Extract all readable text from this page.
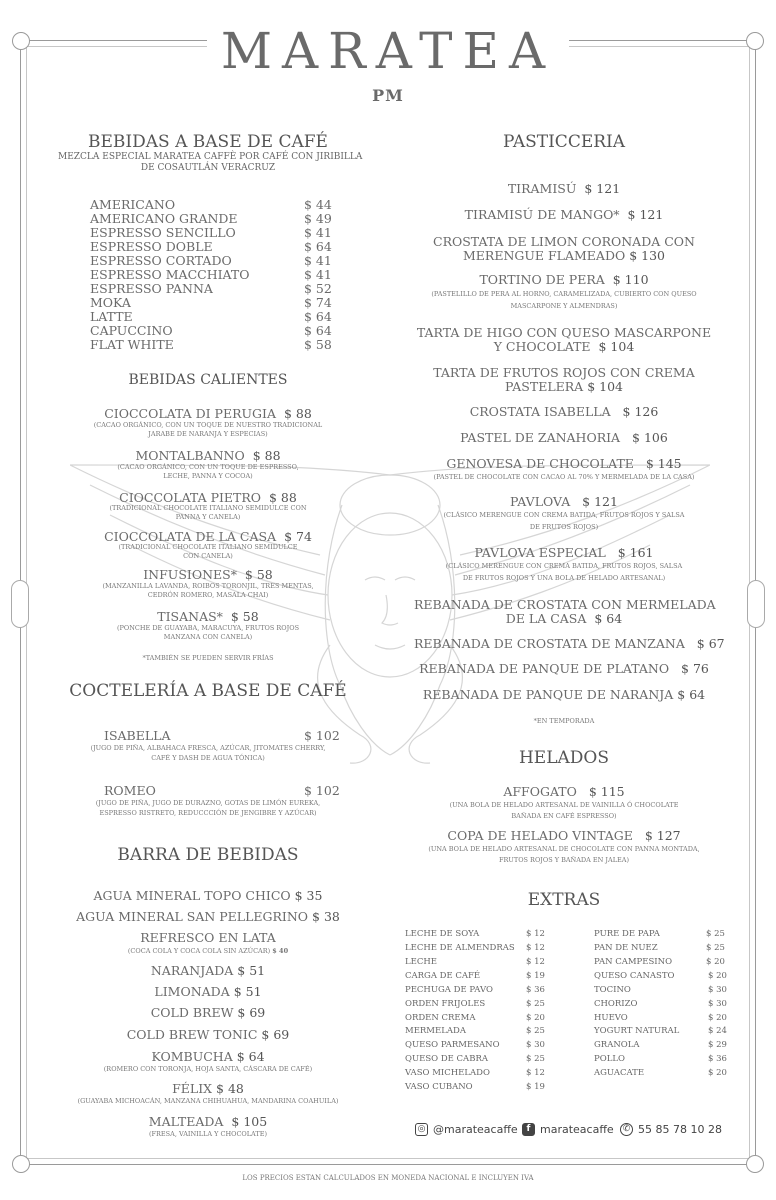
MARATEA
PM
BEBIDAS A BASE DE CAFÉ
MEZCLA ESPECIAL MARATEA CAFFÈ POR CAFÉ CON JIRIBILLA
DE COSAUTLÁN VERACRUZ
AMERICANO	$ 44
AMERICANO GRANDE	$ 49
ESPRESSO SENCILLO	$ 41
ESPRESSO DOBLE	$ 64
ESPRESSO CORTADO	$ 41
ESPRESSO MACCHIATO	$ 41
ESPRESSO PANNA	$ 52
MOKA	$ 74
LATTE	$ 64
CAPUCCINO	$ 64
FLAT WHITE	$ 58
BEBIDAS CALIENTES
CIOCCOLATA DI PERUGIA $ 88
(CACAO ORGÁNICO, CON UN TOQUE DE NUESTRO TRADICIONAL
JARABE DE NARANJA Y ESPECIAS)
MONTALBANNO $ 88
(CACAO ORGÁNICO, CON UN TOQUE DE ESPRESSO,
LECHE, PANNA Y COCOA)
CIOCCOLATA PIETRO $ 88
(TRADICIONAL CHOCOLATE ITALIANO SEMIDULCE CON
PANNA Y CANELA)
CIOCCOLATA DE LA CASA $ 74
(TRADICIONAL CHOCOLATE ITALIANO SEMIDULCE
CON CANELA)
INFUSIONES* $ 58
(MANZANILLA LAVANDA, ROIBOS TORONJIL, TRES MENTAS,
CEDRÓN ROMERO, MASALA CHAI)
TISANAS* $ 58
(PONCHE DE GUAYABA, MARACUYA, FRUTOS ROJOS
MANZANA CON CANELA)
*TAMBIÉN SE PUEDEN SERVIR FRÍAS
COCTELERÍA A BASE DE CAFÉ
ISABELLA	$ 102
(JUGO DE PIÑA, ALBAHACA FRESCA, AZÚCAR, JITOMATES CHERRY,
CAFÉ Y DASH DE AGUA TÓNICA)
ROMEO	$ 102
(JUGO DE PIÑA, JUGO DE DURAZNO, GOTAS DE LIMÓN EUREKA,
ESPRESSO RISTRETO, REDUCCCIÓN DE JENGIBRE Y AZÚCAR)
BARRA DE BEBIDAS
AGUA MINERAL TOPO CHICO $ 35
AGUA MINERAL SAN PELLEGRINO $ 38
REFRESCO EN LATA
(COCA COLA Y COCA COLA SIN AZÚCAR) $ 40
NARANJADA $ 51
LIMONADA $ 51
COLD BREW $ 69
COLD BREW TONIC $ 69
KOMBUCHA $ 64
(ROMERO CON TORONJA, HOJA SANTA, CÁSCARA DE CAFÉ)
FÉLIX $ 48
(GUAYABA MICHOACÁN, MANZANA CHIHUAHUA, MANDARINA COAHUILA)
MALTEADA $ 105
(FRESA, VAINILLA Y CHOCOLATE)
PASTICCERIA
TIRAMISÚ $ 121
TIRAMISÚ DE MANGO* $ 121
CROSTATA DE LIMON CORONADA CON
MERENGUE FLAMEADO $ 130
TORTINO DE PERA $ 110
(PASTELILLO DE PERA AL HORNO, CARAMELIZADA, CUBIERTO CON QUESO
MASCARPONE Y ALMENDRAS)
TARTA DE HIGO CON QUESO MASCARPONE
Y CHOCOLATE $ 104
TARTA DE FRUTOS ROJOS CON CREMA
PASTELERA $ 104
CROSTATA ISABELLA $ 126
PASTEL DE ZANAHORIA $ 106
GENOVESA DE CHOCOLATE $ 145
(PASTEL DE CHOCOLATE CON CACAO AL 70% Y MERMELADA DE LA CASA)
PAVLOVA $ 121
(CLÁSICO MERENGUE CON CREMA BATIDA, FRUTOS ROJOS Y SALSA
DE FRUTOS ROJOS)
PAVLOVA ESPECIAL $ 161
(CLÁSICO MERENGUE CON CREMA BATIDA, FRUTOS ROJOS, SALSA
DE FRUTOS ROJOS Y UNA BOLA DE HELADO ARTESANAL)
REBANADA DE CROSTATA CON MERMELADA
DE LA CASA $ 64
REBANADA DE CROSTATA DE MANZANA $ 67
REBANADA DE PANQUE DE PLATANO $ 76
REBANADA DE PANQUE DE NARANJA $ 64
*EN TEMPORADA
HELADOS
AFFOGATO $ 115
(UNA BOLA DE HELADO ARTESANAL DE VAINILLA Ó CHOCOLATE
BAÑADA EN CAFÉ ESPRESSO)
COPA DE HELADO VINTAGE $ 127
(UNA BOLA DE HELADO ARTESANAL DE CHOCOLATE CON PANNA MONTADA,
FRUTOS ROJOS Y BAÑADA EN JALEA)
EXTRAS
LECHE DE SOYA	$ 12
LECHE DE ALMENDRAS $ 12
LECHE	$ 12
CARGA DE CAFÉ	$ 19
PECHUGA DE PAVO	$ 36
ORDEN FRIJOLES	$ 25
ORDEN CREMA	$ 20
MERMELADA	$ 25
QUESO PARMESANO	$ 30
QUESO DE CABRA	$ 25
VASO MICHELADO	$ 12
VASO CUBANO	$ 19
PURE DE PAPA	$ 25
PAN DE NUEZ	$ 25
PAN CAMPESINO	$ 20
QUESO CANASTO	$ 20
TOCINO	$ 30
CHORIZO	$ 30
HUEVO	$ 20
YOGURT NATURAL	$ 24
GRANOLA	$ 29
POLLO	$ 36
AGUACATE	$ 20
◎ @marateacaffe f marateacaffe	✆ 55 85 78 10 28
LOS PRECIOS ESTAN CALCULADOS EN MONEDA NACIONAL E INCLUYEN IVA
